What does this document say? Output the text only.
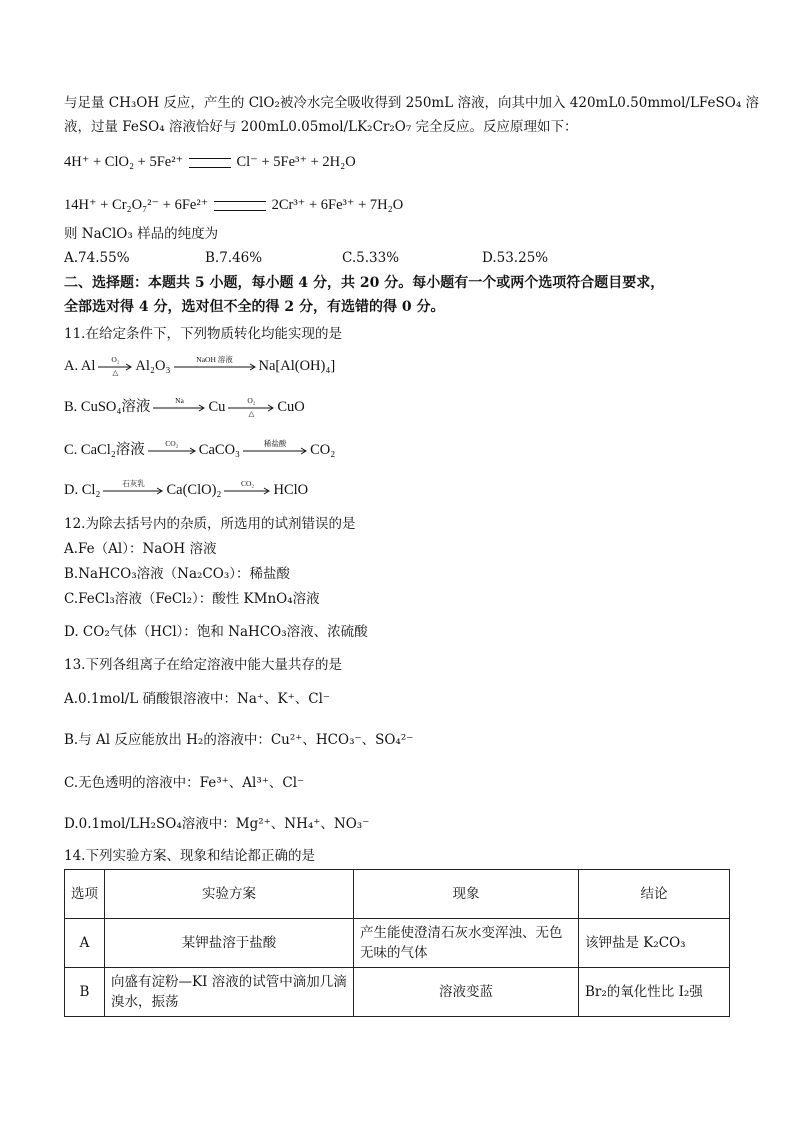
与足量 CH₃OH 反应，产生的 ClO₂被冷水完全吸收得到 250mL 溶液，向其中加入 420mL0.50mmol/LFeSO₄ 溶
液，过量 FeSO₄ 溶液恰好与 200mL0.05mol/LK₂Cr₂O₇ 完全反应。反应原理如下：
4H⁺ + ClO₂ + 5Fe²⁺	Cl⁻ + 5Fe³⁺ + 2H₂O
14H⁺ + Cr₂O₇²⁻ + 6Fe²⁺	2Cr³⁺ + 6Fe³⁺ + 7H₂O
则 NaClO₃ 样品的纯度为
A.74.55%	B.7.46%	C.5.33%	D.53.25%
二、选择题：本题共 5 小题，每小题 4 分，共 20 分。每小题有一个或两个选项符合题目要求，
全部选对得 4 分，选对但不全的得 2 分，有选错的得 0 分。
11.在给定条件下，下列物质转化均能实现的是
A. Al	O₂
△	Al₂O₃	NaOH 溶液	Na[Al(OH)₄]
B. CuSO₄溶液	Na	Cu	O₂
△	CuO
C. CaCl₂溶液	CO₂	CaCO₃	稀盐酸	CO₂
D. Cl₂	石灰乳	Ca(ClO)₂	CO₂	HClO
12.为除去括号内的杂质，所选用的试剂错误的是
A.Fe（Al）：NaOH 溶液
B.NaHCO₃溶液（Na₂CO₃）：稀盐酸
C.FeCl₃溶液（FeCl₂）：酸性 KMnO₄溶液
D. CO₂气体（HCl）：饱和 NaHCO₃溶液、浓硫酸
13.下列各组离子在给定溶液中能大量共存的是
A.0.1mol/L 硝酸银溶液中：Na⁺、K⁺、Cl⁻
B.与 Al 反应能放出 H₂的溶液中：Cu²⁺、HCO₃⁻、SO₄²⁻
C.无色透明的溶液中：Fe³⁺、Al³⁺、Cl⁻
D.0.1mol/LH₂SO₄溶液中：Mg²⁺、NH₄⁺、NO₃⁻
14.下列实验方案、现象和结论都正确的是
选项	实验方案	现象	结论
A	某钾盐溶于盐酸	产生能使澄清石灰水变浑浊、无色无味的气体	该钾盐是 K₂CO₃
B	向盛有淀粉—KI 溶液的试管中滴加几滴溴水，振荡	溶液变蓝	Br₂的氧化性比 I₂强
